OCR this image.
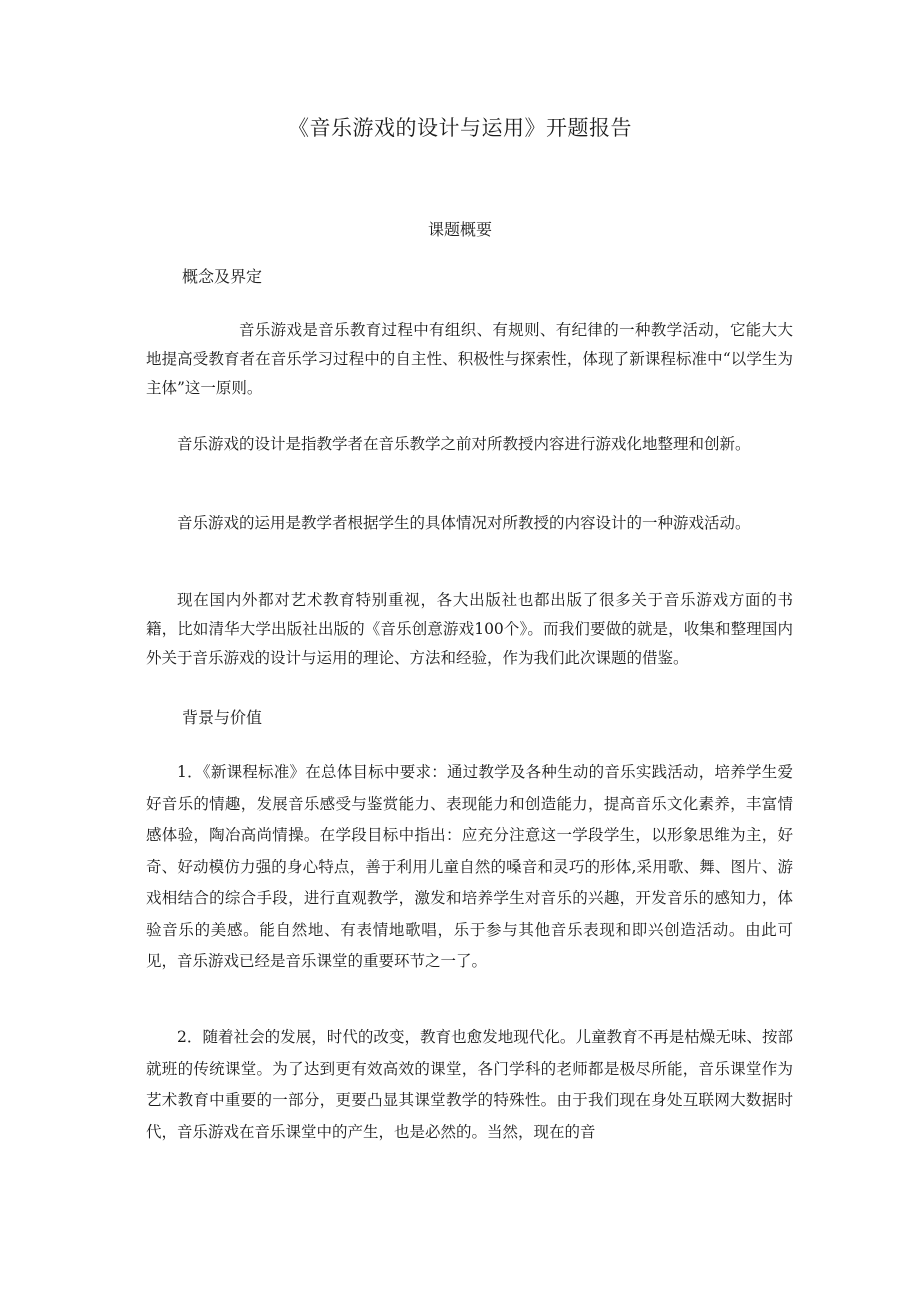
《音乐游戏的设计与运用》开题报告
课题概要
概念及界定

音乐游戏是音乐教育过程中有组织、有规则、有纪律的一种教学活动，它能大大地提高受教育者在音乐学习过程中的自主性、积极性与探索性，体现了新课程标准中“以学生为主体”这一原则。

音乐游戏的设计是指教学者在音乐教学之前对所教授内容进行游戏化地整理和创新。

音乐游戏的运用是教学者根据学生的具体情况对所教授的内容设计的一种游戏活动。

现在国内外都对艺术教育特别重视，各大出版社也都出版了很多关于音乐游戏方面的书籍，比如清华大学出版社出版的《音乐创意游戏100个》。而我们要做的就是，收集和整理国内外关于音乐游戏的设计与运用的理论、方法和经验，作为我们此次课题的借鉴。

背景与价值

1．《新课程标准》在总体目标中要求：通过教学及各种生动的音乐实践活动，培养学生爱好音乐的情趣，发展音乐感受与鉴赏能力、表现能力和创造能力，提高音乐文化素养，丰富情感体验，陶冶高尚情操。在学段目标中指出：应充分注意这一学段学生，以形象思维为主，好奇、好动模仿力强的身心特点，善于利用儿童自然的嗓音和灵巧的形体,采用歌、舞、图片、游戏相结合的综合手段，进行直观教学，激发和培养学生对音乐的兴趣，开发音乐的感知力，体验音乐的美感。能自然地、有表情地歌唱，乐于参与其他音乐表现和即兴创造活动。由此可见，音乐游戏已经是音乐课堂的重要环节之一了。

2．随着社会的发展，时代的改变，教育也愈发地现代化。儿童教育不再是枯燥无味、按部就班的传统课堂。为了达到更有效高效的课堂，各门学科的老师都是极尽所能，音乐课堂作为艺术教育中重要的一部分，更要凸显其课堂教学的特殊性。由于我们现在身处互联网大数据时代，音乐游戏在音乐课堂中的产生，也是必然的。当然，现在的音
